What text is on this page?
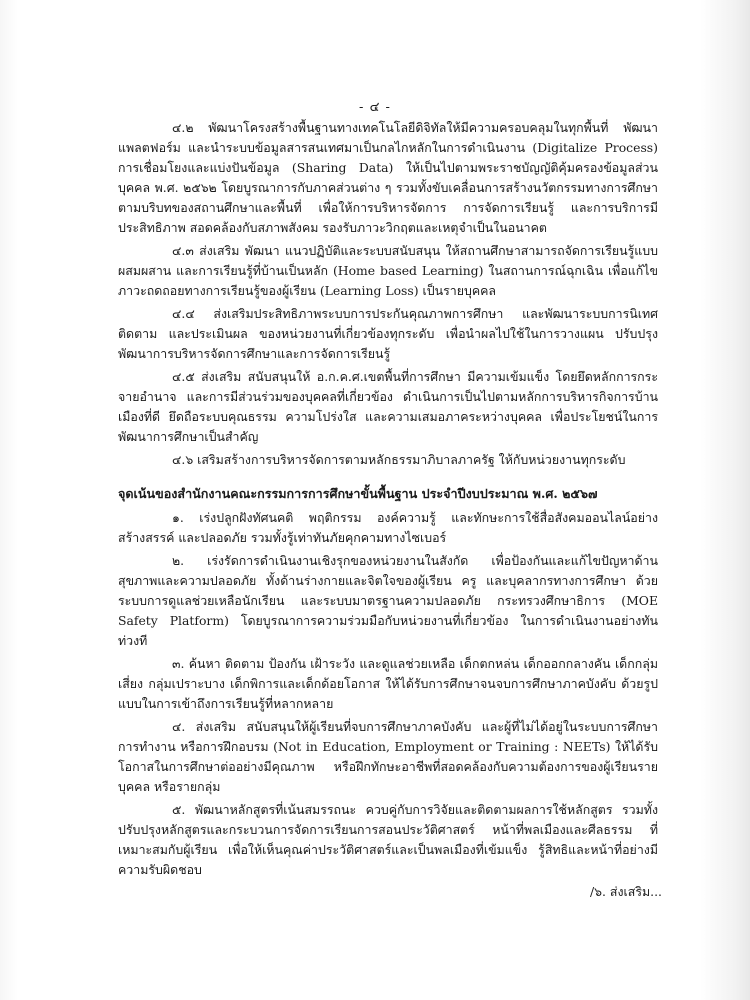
- ๔ -

๔.๒ พัฒนาโครงสร้างพื้นฐานทางเทคโนโลยีดิจิทัลให้มีความครอบคลุมในทุกพื้นที่ พัฒนาแพลตฟอร์ม และนำระบบข้อมูลสารสนเทศมาเป็นกลไกหลักในการดำเนินงาน (Digitalize Process) การเชื่อมโยงและแบ่งปันข้อมูล (Sharing Data) ให้เป็นไปตามพระราชบัญญัติคุ้มครองข้อมูลส่วนบุคคล พ.ศ. ๒๕๖๒ โดยบูรณาการกับภาคส่วนต่าง ๆ รวมทั้งขับเคลื่อนการสร้างนวัตกรรมทางการศึกษาตามบริบทของสถานศึกษาและพื้นที่ เพื่อให้การบริหารจัดการ การจัดการเรียนรู้ และการบริการมีประสิทธิภาพ สอดคล้องกับสภาพสังคม รองรับภาวะวิกฤตและเหตุจำเป็นในอนาคต

๔.๓ ส่งเสริม พัฒนา แนวปฏิบัติและระบบสนับสนุน ให้สถานศึกษาสามารถจัดการเรียนรู้แบบผสมผสาน และการเรียนรู้ที่บ้านเป็นหลัก (Home based Learning) ในสถานการณ์ฉุกเฉิน เพื่อแก้ไขภาวะถดถอยทางการเรียนรู้ของผู้เรียน (Learning Loss) เป็นรายบุคคล

๔.๔ ส่งเสริมประสิทธิภาพระบบการประกันคุณภาพการศึกษา และพัฒนาระบบการนิเทศ ติดตาม และประเมินผล ของหน่วยงานที่เกี่ยวข้องทุกระดับ เพื่อนำผลไปใช้ในการวางแผน ปรับปรุง พัฒนาการบริหารจัดการศึกษาและการจัดการเรียนรู้

๔.๕ ส่งเสริม สนับสนุนให้ อ.ก.ค.ศ.เขตพื้นที่การศึกษา มีความเข้มแข็ง โดยยึดหลักการกระจายอำนาจ และการมีส่วนร่วมของบุคคลที่เกี่ยวข้อง ดำเนินการเป็นไปตามหลักการบริหารกิจการบ้านเมืองที่ดี ยึดถือระบบคุณธรรม ความโปร่งใส และความเสมอภาคระหว่างบุคคล เพื่อประโยชน์ในการพัฒนาการศึกษาเป็นสำคัญ

๔.๖ เสริมสร้างการบริหารจัดการตามหลักธรรมาภิบาลภาครัฐ ให้กับหน่วยงานทุกระดับ

จุดเน้นของสำนักงานคณะกรรมการการศึกษาขั้นพื้นฐาน ประจำปีงบประมาณ พ.ศ. ๒๕๖๗

๑. เร่งปลูกฝังทัศนคติ พฤติกรรม องค์ความรู้ และทักษะการใช้สื่อสังคมออนไลน์อย่างสร้างสรรค์ และปลอดภัย รวมทั้งรู้เท่าทันภัยคุกคามทางไซเบอร์

๒. เร่งรัดการดำเนินงานเชิงรุกของหน่วยงานในสังกัด เพื่อป้องกันและแก้ไขปัญหาด้านสุขภาพและความปลอดภัย ทั้งด้านร่างกายและจิตใจของผู้เรียน ครู และบุคลากรทางการศึกษา ด้วยระบบการดูแลช่วยเหลือนักเรียน และระบบมาตรฐานความปลอดภัย กระทรวงศึกษาธิการ (MOE Safety Platform) โดยบูรณาการความร่วมมือกับหน่วยงานที่เกี่ยวข้อง ในการดำเนินงานอย่างทันท่วงที

๓. ค้นหา ติดตาม ป้องกัน เฝ้าระวัง และดูแลช่วยเหลือ เด็กตกหล่น เด็กออกกลางคัน เด็กกลุ่มเสี่ยง กลุ่มเปราะบาง เด็กพิการและเด็กด้อยโอกาส ให้ได้รับการศึกษาจนจบการศึกษาภาคบังคับ ด้วยรูปแบบในการเข้าถึงการเรียนรู้ที่หลากหลาย

๔. ส่งเสริม สนับสนุนให้ผู้เรียนที่จบการศึกษาภาคบังคับ และผู้ที่ไม่ได้อยู่ในระบบการศึกษา การทำงาน หรือการฝึกอบรม (Not in Education, Employment or Training : NEETs) ให้ได้รับโอกาสในการศึกษาต่ออย่างมีคุณภาพ หรือฝึกทักษะอาชีพที่สอดคล้องกับความต้องการของผู้เรียนรายบุคคล หรือรายกลุ่ม

๕. พัฒนาหลักสูตรที่เน้นสมรรถนะ ควบคู่กับการวิจัยและติดตามผลการใช้หลักสูตร รวมทั้งปรับปรุงหลักสูตรและกระบวนการจัดการเรียนการสอนประวัติศาสตร์ หน้าที่พลเมืองและศีลธรรม ที่เหมาะสมกับผู้เรียน เพื่อให้เห็นคุณค่าประวัติศาสตร์และเป็นพลเมืองที่เข้มแข็ง รู้สิทธิและหน้าที่อย่างมีความรับผิดชอบ

/๖. ส่งเสริม...
